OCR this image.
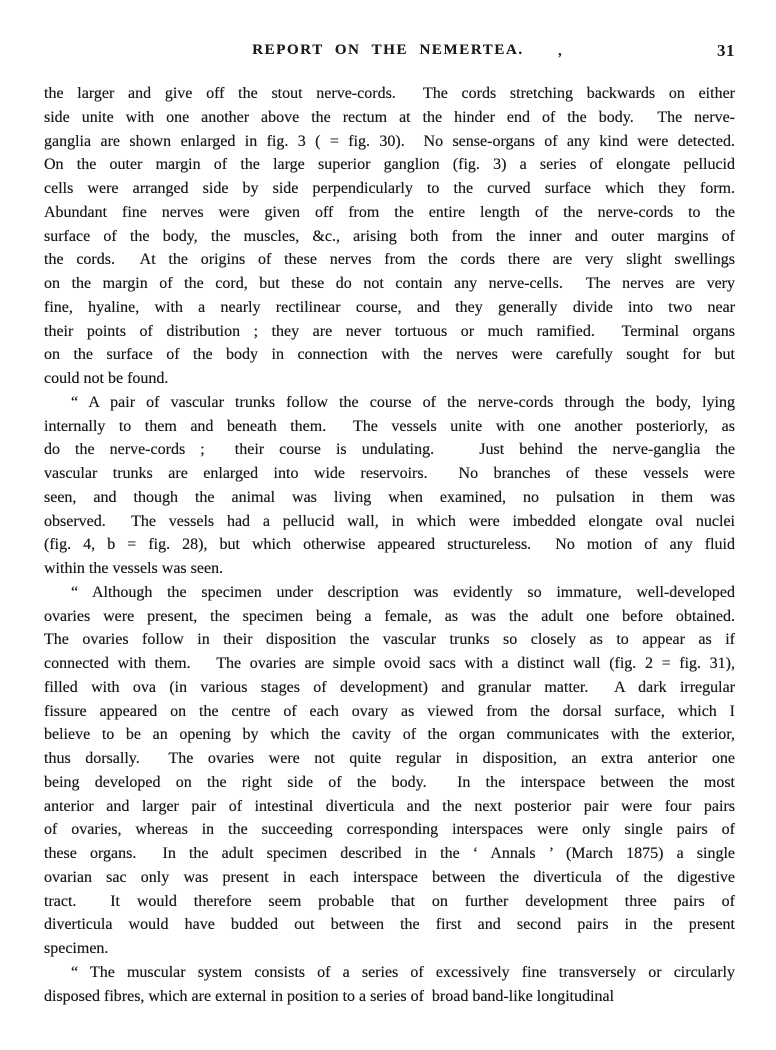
REPORT ON THE NEMERTEA. ,	31
the larger and give off the stout nerve-cords.  The cords stretching backwards on either
side unite with one another above the rectum at the hinder end of the body.  The nerve-
ganglia are shown enlarged in fig. 3 ( = fig. 30).  No sense-organs of any kind were detected.
On the outer margin of the large superior ganglion (fig. 3) a series of elongate pellucid
cells were arranged side by side perpendicularly to the curved surface which they form.
Abundant fine nerves were given off from the entire length of the nerve-cords to the
surface of the body, the muscles, &c., arising both from the inner and outer margins of
the cords.  At the origins of these nerves from the cords there are very slight swellings
on the margin of the cord, but these do not contain any nerve-cells.  The nerves are very
fine, hyaline, with a nearly rectilinear course, and they generally divide into two near
their points of distribution ; they are never tortuous or much ramified.  Terminal organs
on the surface of the body in connection with the nerves were carefully sought for but
could not be found.
“ A pair of vascular trunks follow the course of the nerve-cords through the body, lying
internally to them and beneath them.  The vessels unite with one another posteriorly, as
do the nerve-cords ;  their course is undulating.   Just behind the nerve-ganglia the
vascular trunks are enlarged into wide reservoirs.  No branches of these vessels were
seen, and though the animal was living when examined, no pulsation in them was
observed.  The vessels had a pellucid wall, in which were imbedded elongate oval nuclei
(fig. 4, b = fig. 28), but which otherwise appeared structureless.  No motion of any fluid
within the vessels was seen.
“ Although the specimen under description was evidently so immature, well-developed
ovaries were present, the specimen being a female, as was the adult one before obtained.
The ovaries follow in their disposition the vascular trunks so closely as to appear as if
connected with them.   The ovaries are simple ovoid sacs with a distinct wall (fig. 2 = fig. 31),
filled with ova (in various stages of development) and granular matter.  A dark irregular
fissure appeared on the centre of each ovary as viewed from the dorsal surface, which I
believe to be an opening by which the cavity of the organ communicates with the exterior,
thus dorsally.  The ovaries were not quite regular in disposition, an extra anterior one
being developed on the right side of the body.  In the interspace between the most
anterior and larger pair of intestinal diverticula and the next posterior pair were four pairs
of ovaries, whereas in the succeeding corresponding interspaces were only single pairs of
these organs.  In the adult specimen described in the ‘ Annals ’ (March 1875) a single
ovarian sac only was present in each interspace between the diverticula of the digestive
tract.  It would therefore seem probable that on further development three pairs of
diverticula would have budded out between the first and second pairs in the present
specimen.
“ The muscular system consists of a series of excessively fine transversely or circularly
disposed fibres, which are external in position to a series of  broad band-like longitudinal
